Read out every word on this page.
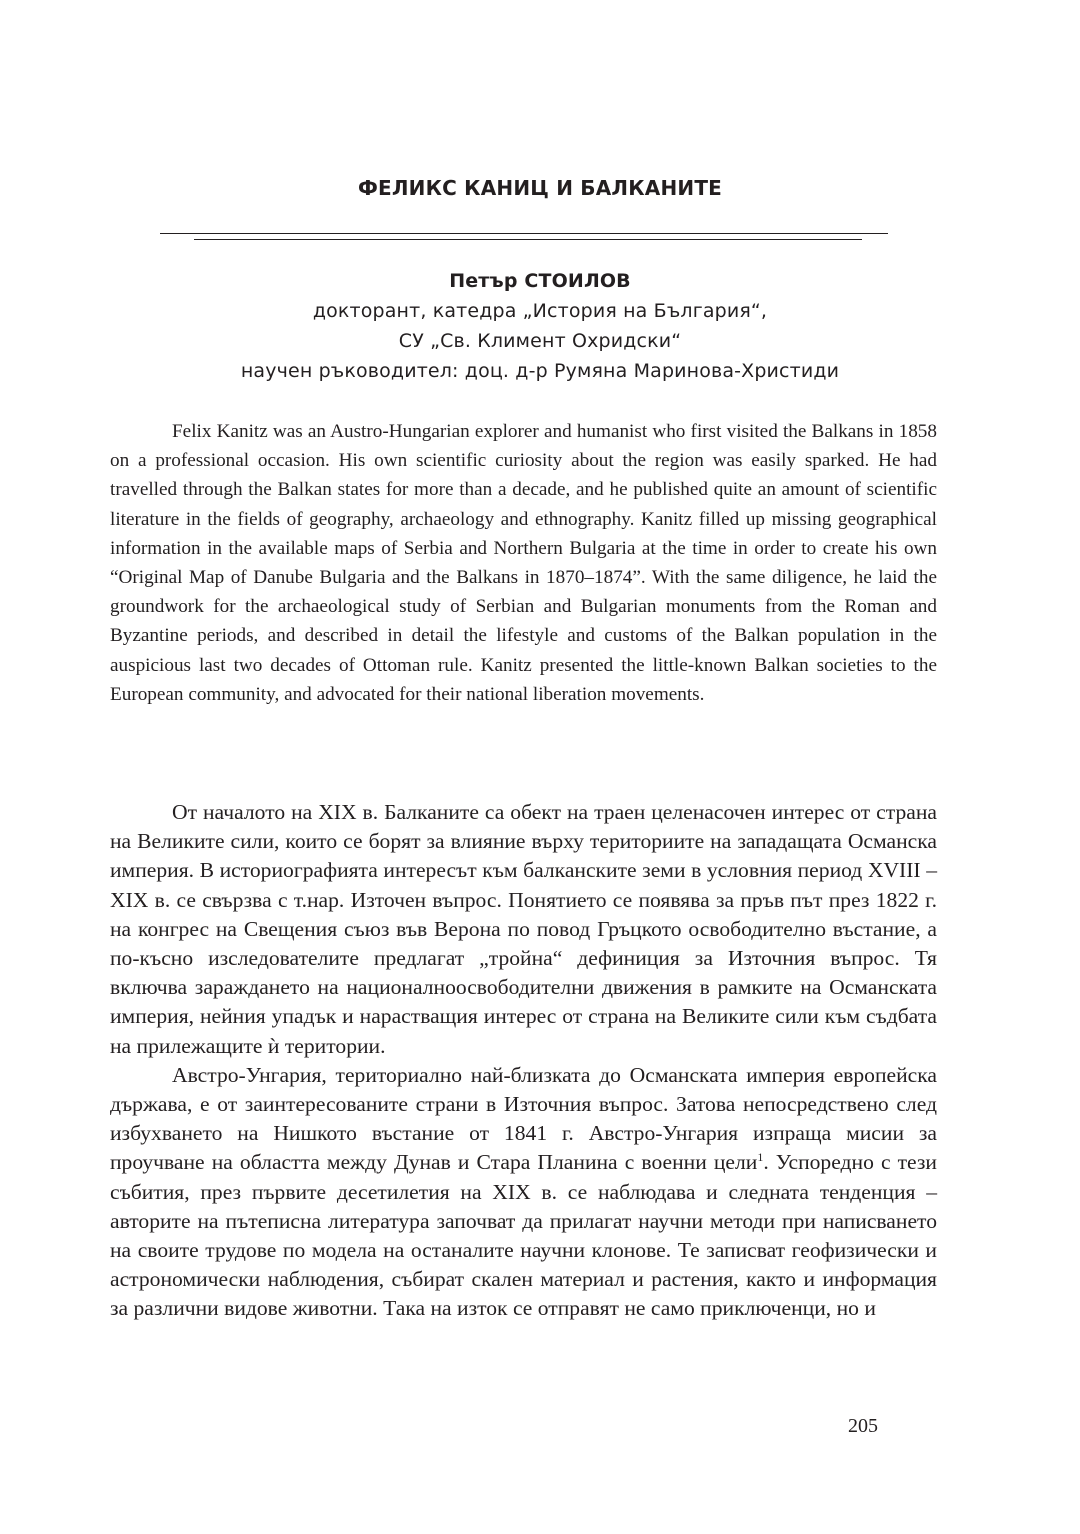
ФЕЛИКС КАНИЦ И БАЛКАНИТЕ
Петър СТОИЛОВ
докторант, катедра „История на България“,
СУ „Св. Климент Охридски“
научен ръководител: доц. д-р Румяна Маринова-Христиди

Felix Kanitz was an Austro-Hungarian explorer and humanist who first visited the Balkans in 1858 on a professional occasion. His own scientific curiosity about the region was easily sparked. He had travelled through the Balkan states for more than a decade, and he published quite an amount of scientific literature in the fields of geography, archaeology and ethnography. Kanitz filled up missing geographical information in the available maps of Serbia and Northern Bulgaria at the time in order to create his own “Original Map of Danube Bulgaria and the Balkans in 1870–1874”. With the same diligence, he laid the groundwork for the archaeological study of Serbian and Bulgarian monuments from the Roman and Byzantine periods, and described in detail the lifestyle and customs of the Balkan population in the auspicious last two decades of Ottoman rule. Kanitz presented the little-known Balkan societies to the European community, and advocated for their national liberation movements.

От началото на XIX в. Балканите са обект на траен целенасочен интерес от страна на Великите сили, които се борят за влияние върху териториите на западащата Османска империя. В историографията интересът към балканските земи в условния период XVIII – XIX в. се свързва с т.нар. Източен въпрос. Понятието се появява за пръв път през 1822 г. на конгрес на Свещения съюз във Верона по повод Гръцкото освободително въстание, а по-късно изследователите предлагат „тройна“ дефиниция за Източния въпрос. Тя включва зараждането на националноосвободителни движения в рамките на Османската империя, нейния упадък и нарастващия интерес от страна на Великите сили към съдбата на прилежащите ѝ територии.

Австро-Унгария, териториално най-близката до Османската империя европейска държава, е от заинтересованите страни в Източния въпрос. Затова непосредствено след избухването на Нишкото въстание от 1841 г. Австро-Унгария изпраща мисии за проучване на областта между Дунав и Стара Планина с военни цели$^1$. Успоредно с тези събития, през първите десетилетия на XIX в. се наблюдава и следната тенденция – авторите на пътеписна литература започват да прилагат научни методи при написването на своите трудове по модела на останалите научни клонове. Те записват геофизически и астрономически наблюдения, събират скален материал и растения, както и информация за различни видове животни. Така на изток се отправят не само приключенци, но и

205
